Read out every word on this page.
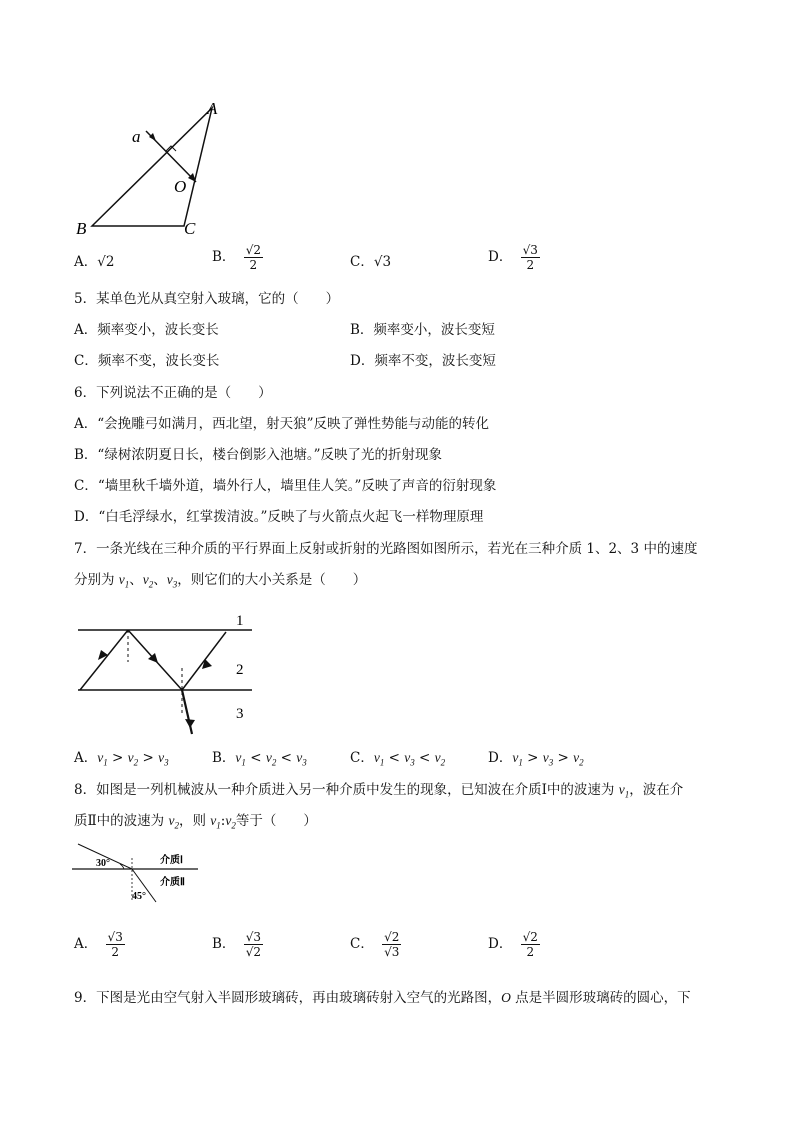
A
B	C
O
a
A．√2	B． $\frac{√2}{2}$	C．√3	D． $\frac{√3}{2}$
5．某单色光从真空射入玻璃，它的（　　）
A．频率变小，波长变长	B．频率变小，波长变短
C．频率不变，波长变长	D．频率不变，波长变短
6．下列说法不正确的是（　　）
A．“会挽雕弓如满月，西北望，射天狼”反映了弹性势能与动能的转化
B．“绿树浓阴夏日长，楼台倒影入池塘。”反映了光的折射现象
C．“墙里秋千墙外道，墙外行人，墙里佳人笑。”反映了声音的衍射现象
D．“白毛浮绿水，红掌拨清波。”反映了与火箭点火起飞一样物理原理
7．一条光线在三种介质的平行界面上反射或折射的光路图如图所示，若光在三种介质 1、2、3 中的速度
分别为 $v_1$、$v_2$、$v_3$，则它们的大小关系是（　　）
1
2
3
A．$v_1 > v_2 > v_3$	B．$v_1 < v_2 < v_3$	C．$v_1 < v_3 < v_2$	D．$v_1 > v_3 > v_2$
8．如图是一列机械波从一种介质进入另一种介质中发生的现象，已知波在介质Ⅰ中的波速为 $v_1$，波在介
质Ⅱ中的波速为 $v_2$，则 $v_1:v_2$等于（　　）
30°
45°
介质Ⅰ
介质Ⅱ
A． $\frac{√3}{2}$	B． $\frac{√3}{√2}$	C． $\frac{√2}{√3}$	D． $\frac{√2}{2}$
9．下图是光由空气射入半圆形玻璃砖，再由玻璃砖射入空气的光路图，O 点是半圆形玻璃砖的圆心，下
